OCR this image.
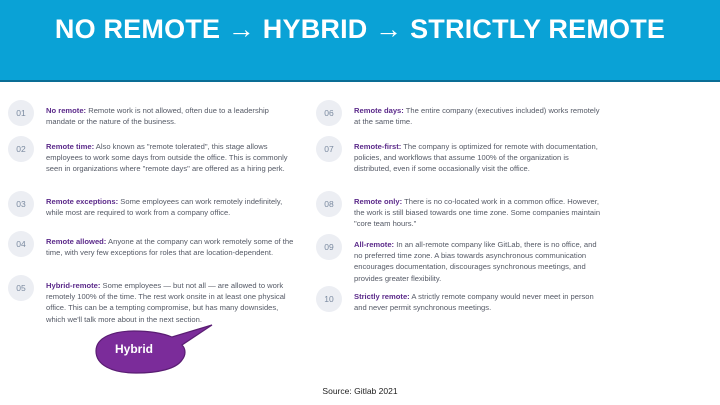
NO REMOTE → HYBRID → STRICTLY REMOTE
01	No remote: Remote work is not allowed, often due to a leadership mandate or the nature of the business.
02	Remote time: Also known as "remote tolerated", this stage allows employees to work some days from outside the office. This is commonly seen in organizations where "remote days" are offered as a hiring perk.
03	Remote exceptions: Some employees can work remotely indefinitely, while most are required to work from a company office.
04	Remote allowed: Anyone at the company can work remotely some of the time, with very few exceptions for roles that are location-dependent.
05	Hybrid-remote: Some employees — but not all — are allowed to work remotely 100% of the time. The rest work onsite in at least one physical office. This can be a tempting compromise, but has many downsides, which we'll talk more about in the next section.
06	Remote days: The entire company (executives included) works remotely at the same time.
07	Remote-first: The company is optimized for remote with documentation, policies, and workflows that assume 100% of the organization is distributed, even if some occasionally visit the office.
08	Remote only: There is no co-located work in a common office. However, the work is still biased towards one time zone. Some companies maintain "core team hours."
09	All-remote: In an all-remote company like GitLab, there is no office, and no preferred time zone. A bias towards asynchronous communication encourages documentation, discourages synchronous meetings, and provides greater flexibility.
10	Strictly remote: A strictly remote company would never meet in person and never permit synchronous meetings.
Hybrid
Source: Gitlab 2021
